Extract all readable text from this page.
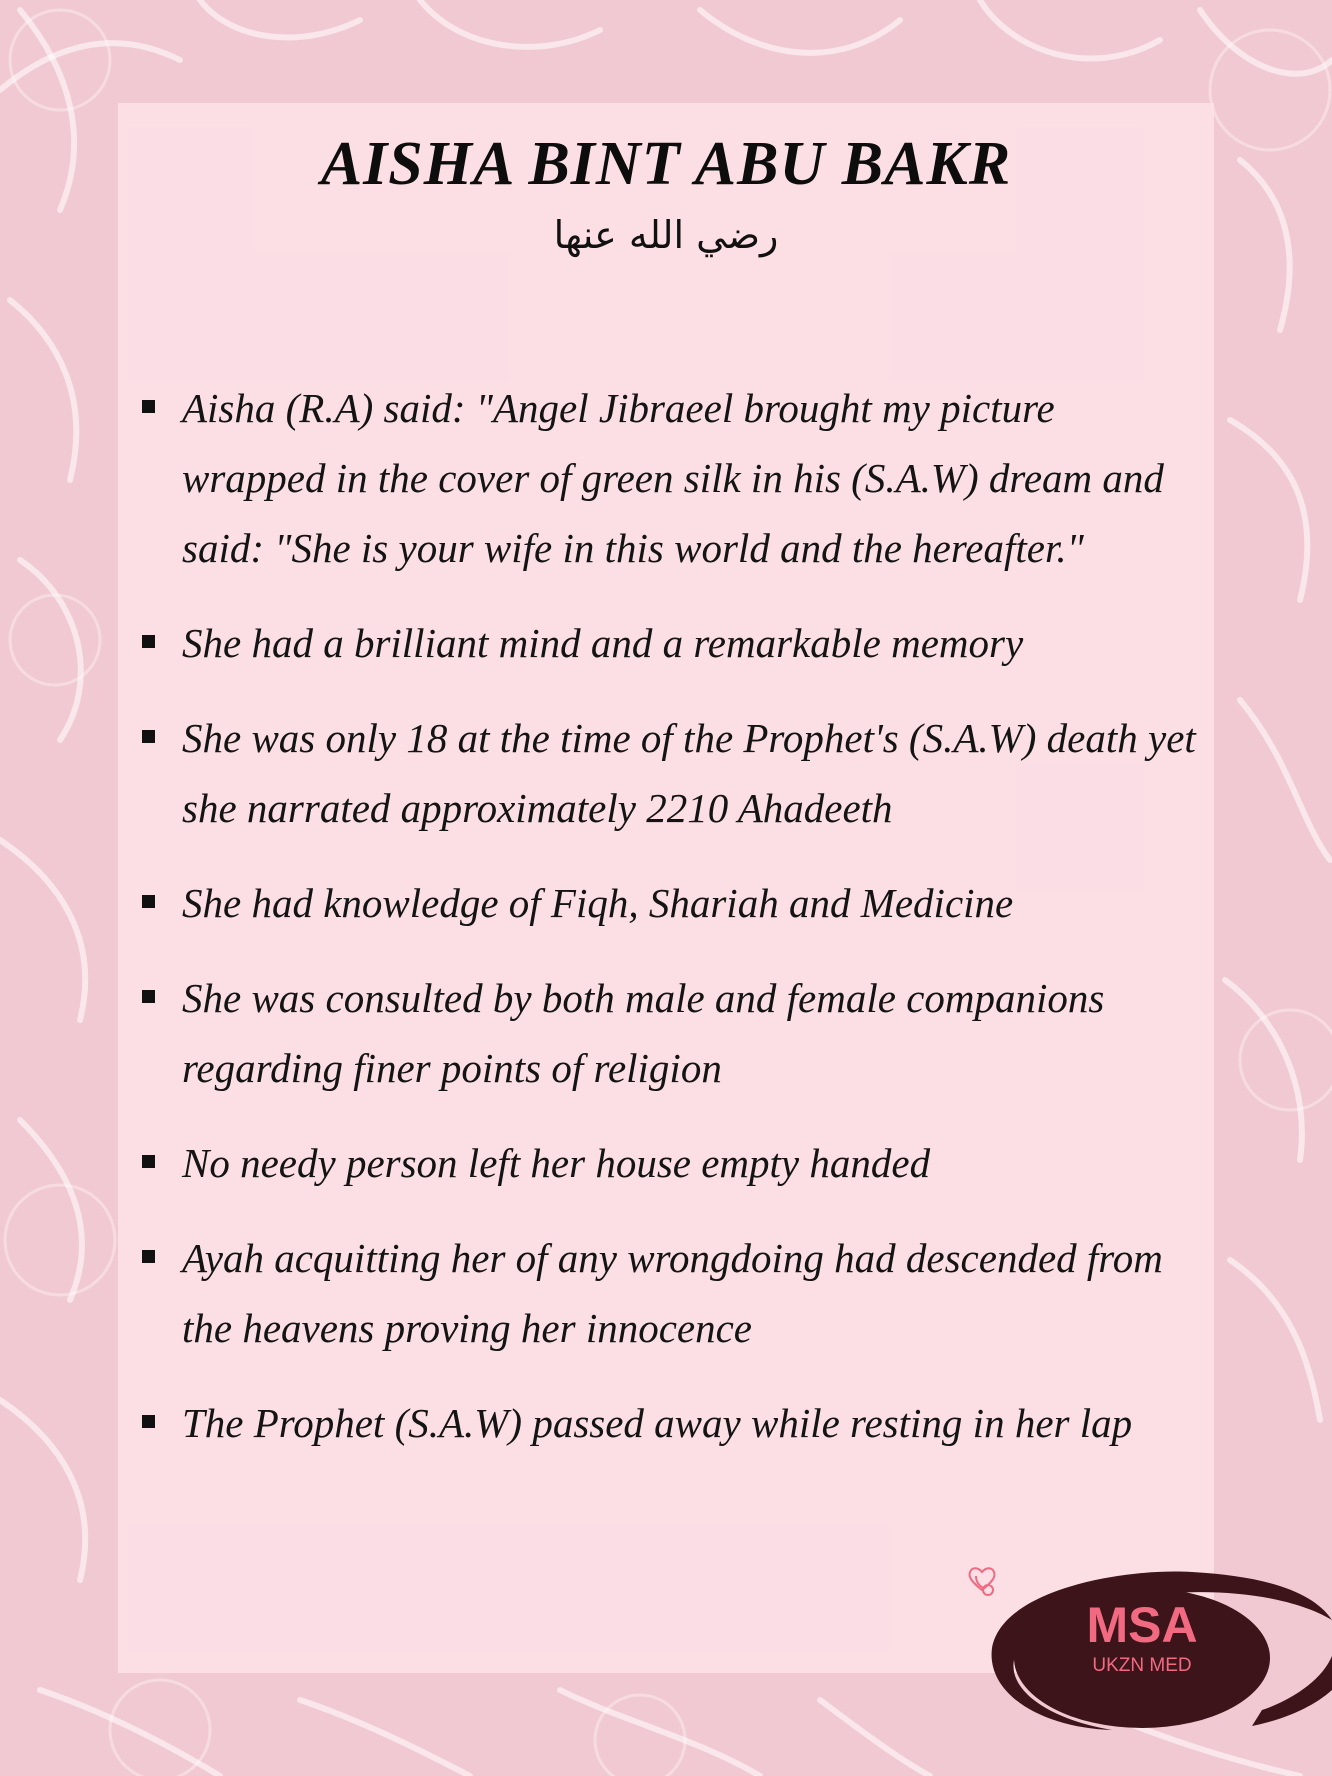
AISHA BINT ABU BAKR
رضي الله عنها
Aisha (R.A) said: "Angel Jibraeel brought my picture wrapped in the cover of green silk in his (S.A.W) dream and said: "She is your wife in this world and the hereafter."
She had a brilliant mind and a remarkable memory
She was only 18 at the time of the Prophet's (S.A.W) death yet she narrated approximately 2210 Ahadeeth
She had knowledge of Fiqh, Shariah and Medicine
She was consulted by both male and female companions regarding finer points of religion
No needy person left her house empty handed
Ayah acquitting her of any wrongdoing had descended from the heavens proving her innocence
The Prophet (S.A.W) passed away while resting in her lap
MSA
UKZN MED
